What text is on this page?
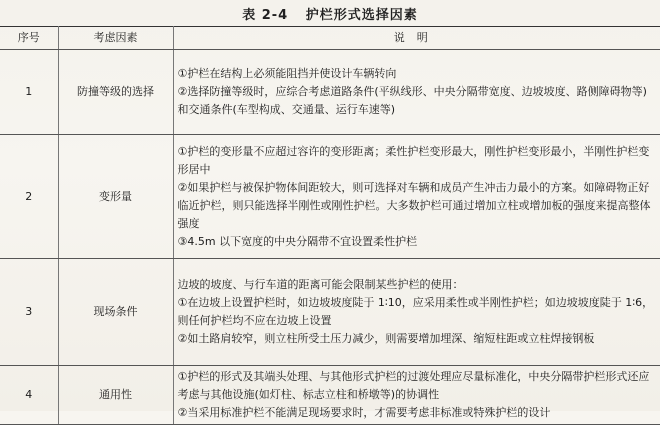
表 2-4 护栏形式选择因素
序号	考虑因素	说明
1	防撞等级的选择	①护栏在结构上必须能阻挡并使设计车辆转向
②选择防撞等级时，应综合考虑道路条件(平纵线形、中央分隔带宽度、边坡坡度、路侧障碍物等)和交通条件(车型构成、交通量、运行车速等)

2	变形量	①护栏的变形量不应超过容许的变形距离；柔性护栏变形最大，刚性护栏变形最小，半刚性护栏变形居中
②如果护栏与被保护物体间距较大，则可选择对车辆和成员产生冲击力最小的方案。如障碍物正好临近护栏，则只能选择半刚性或刚性护栏。大多数护栏可通过增加立柱或增加板的强度来提高整体强度
③4.5m 以下宽度的中央分隔带不宜设置柔性护栏

3	现场条件	边坡的坡度、与行车道的距离可能会限制某些护栏的使用：
①在边坡上设置护栏时，如边坡坡度陡于 1∶10，应采用柔性或半刚性护栏；如边坡坡度陡于 1∶6，则任何护栏均不应在边坡上设置
②如土路肩较窄，则立柱所受土压力减少，则需要增加埋深、缩短柱距或立柱焊接钢板

4	通用性	①护栏的形式及其端头处理、与其他形式护栏的过渡处理应尽量标准化，中央分隔带护栏形式还应考虑与其他设施(如灯柱、标志立柱和桥墩等)的协调性
②当采用标准护栏不能满足现场要求时，才需要考虑非标准或特殊护栏的设计
